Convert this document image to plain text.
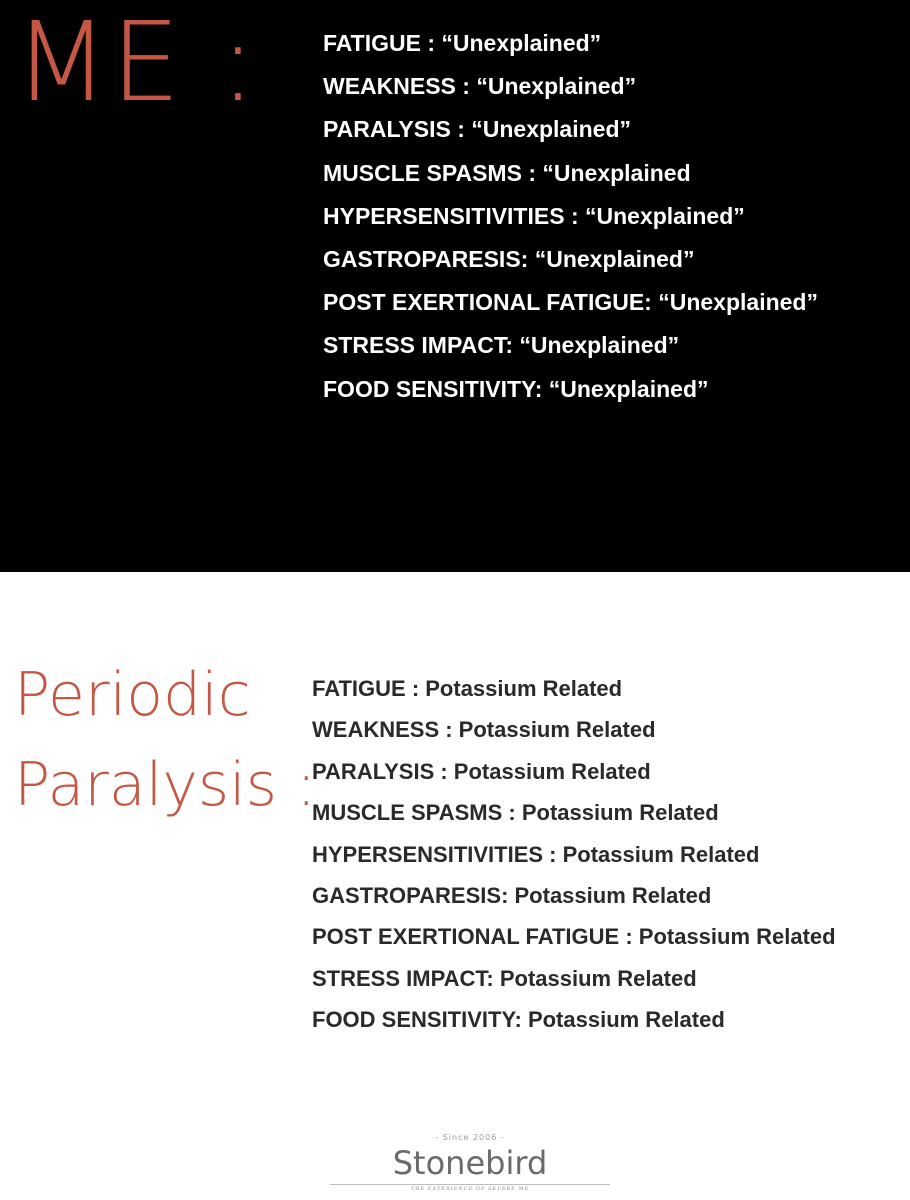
ME :	FATIGUE : “Unexplained”
WEAKNESS : “Unexplained”
PARALYSIS : “Unexplained”
MUSCLE SPASMS : “Unexplained
HYPERSENSITIVITIES : “Unexplained”
GASTROPARESIS: “Unexplained”
POST EXERTIONAL FATIGUE: “Unexplained”
STRESS IMPACT: “Unexplained”
FOOD SENSITIVITY: “Unexplained”
Periodic
Paralysis :
FATIGUE : Potassium Related
WEAKNESS : Potassium Related
PARALYSIS : Potassium Related
MUSCLE SPASMS : Potassium Related
HYPERSENSITIVITIES : Potassium Related
GASTROPARESIS: Potassium Related
POST EXERTIONAL FATIGUE : Potassium Related
STRESS IMPACT: Potassium Related
FOOD SENSITIVITY: Potassium Related
- Since 2006 -
Stonebird
THE EXPERIENCE OF SEVERE ME
